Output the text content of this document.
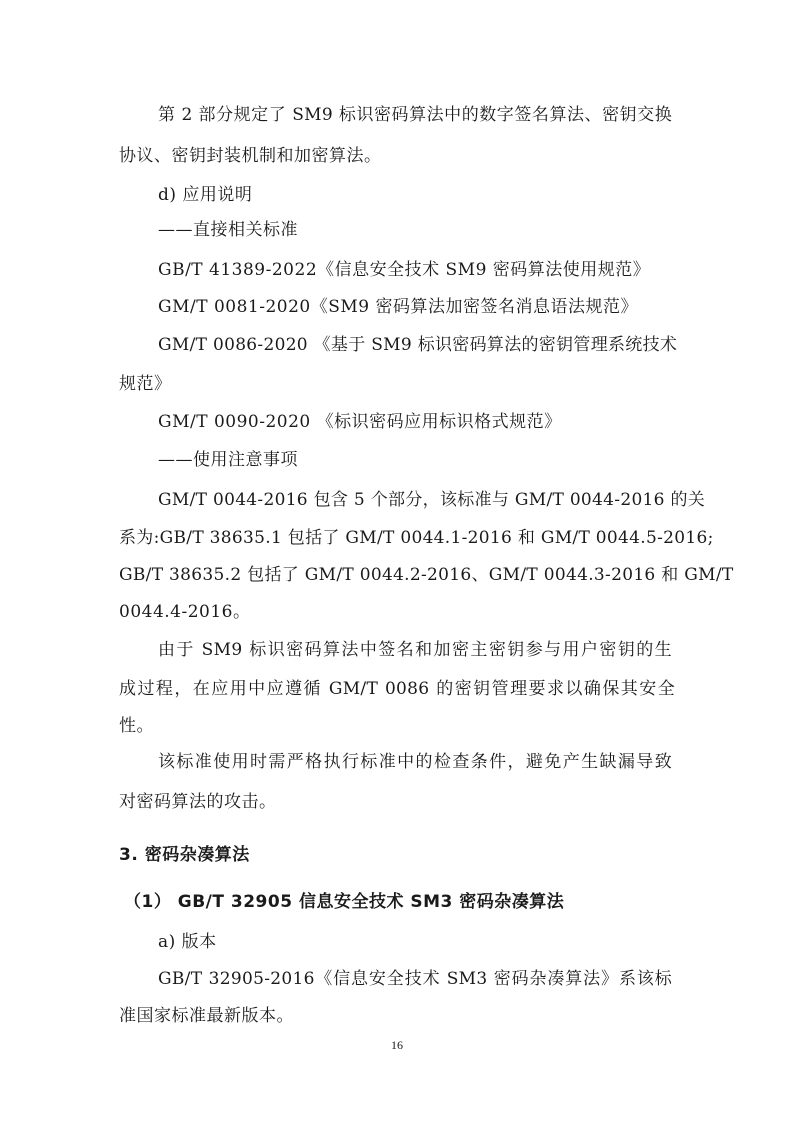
第 2 部分规定了 SM9 标识密码算法中的数字签名算法、密钥交换
协议、密钥封装机制和加密算法。
d) 应用说明
——直接相关标准
GB/T 41389-2022《信息安全技术 SM9 密码算法使用规范》
GM/T 0081-2020《SM9 密码算法加密签名消息语法规范》
GM/T 0086-2020 《基于 SM9 标识密码算法的密钥管理系统技术
规范》
GM/T 0090-2020 《标识密码应用标识格式规范》
——使用注意事项
GM/T 0044-2016 包含 5 个部分，该标准与 GM/T 0044-2016 的关
系为:GB/T 38635.1 包括了 GM/T 0044.1-2016 和 GM/T 0044.5-2016;
GB/T 38635.2 包括了 GM/T 0044.2-2016、GM/T 0044.3-2016 和 GM/T
0044.4-2016。
由于 SM9 标识密码算法中签名和加密主密钥参与用户密钥的生
成过程，在应用中应遵循 GM/T 0086 的密钥管理要求以确保其安全
性。
该标准使用时需严格执行标准中的检查条件，避免产生缺漏导致
对密码算法的攻击。
3. 密码杂凑算法
（1） GB/T 32905 信息安全技术 SM3 密码杂凑算法
a) 版本
GB/T 32905-2016《信息安全技术 SM3 密码杂凑算法》系该标
准国家标准最新版本。
16
